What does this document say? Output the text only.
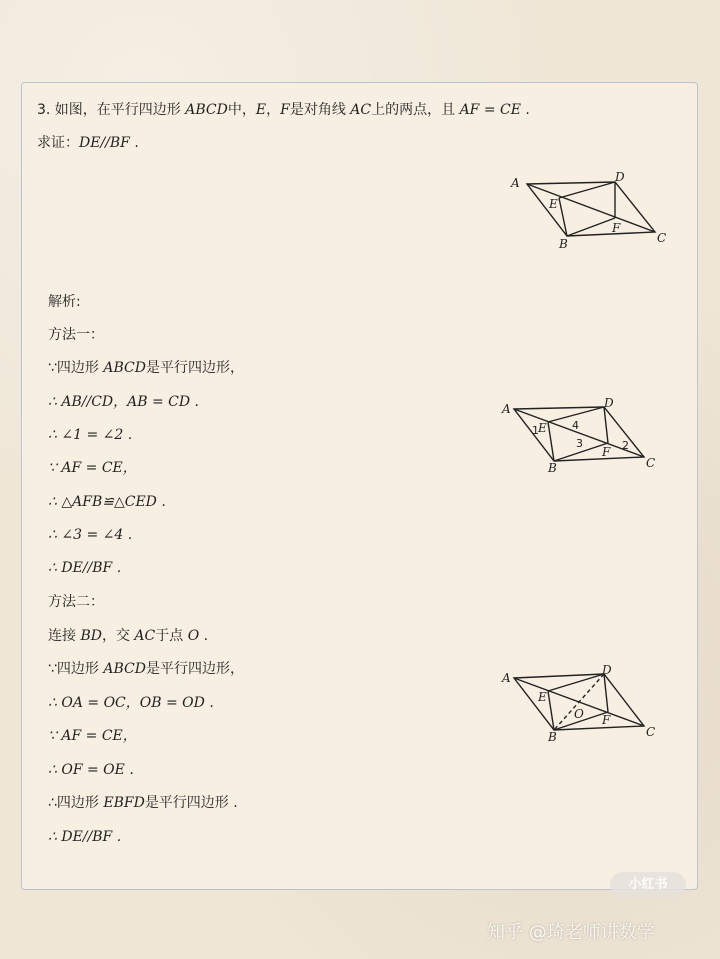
3. 如图，在平行四边形 ABCD中，E，F是对角线 AC上的两点，且 AF = CE .
求证：DE//BF .
A	D
E
F
B	C
解析:
方法一：
∵四边形 ABCD是平行四边形，
∴ AB//CD，AB = CD .
∴ ∠1 = ∠2 .
∵ AF = CE，
∴ △AFB≌△CED .
∴ ∠3 = ∠4 .
∴ DE//BF .
A	D
E
F
B	C
1	4
3	2
方法二：
连接 BD，交 AC于点 O .
∵四边形 ABCD是平行四边形，
∴ OA = OC，OB = OD .
∵ AF = CE，
∴ OF = OE .
∴四边形 EBFD是平行四边形 .
∴ DE//BF .
A
D
E
O F
B	C
小红书
知乎 @琦老师讲数学
